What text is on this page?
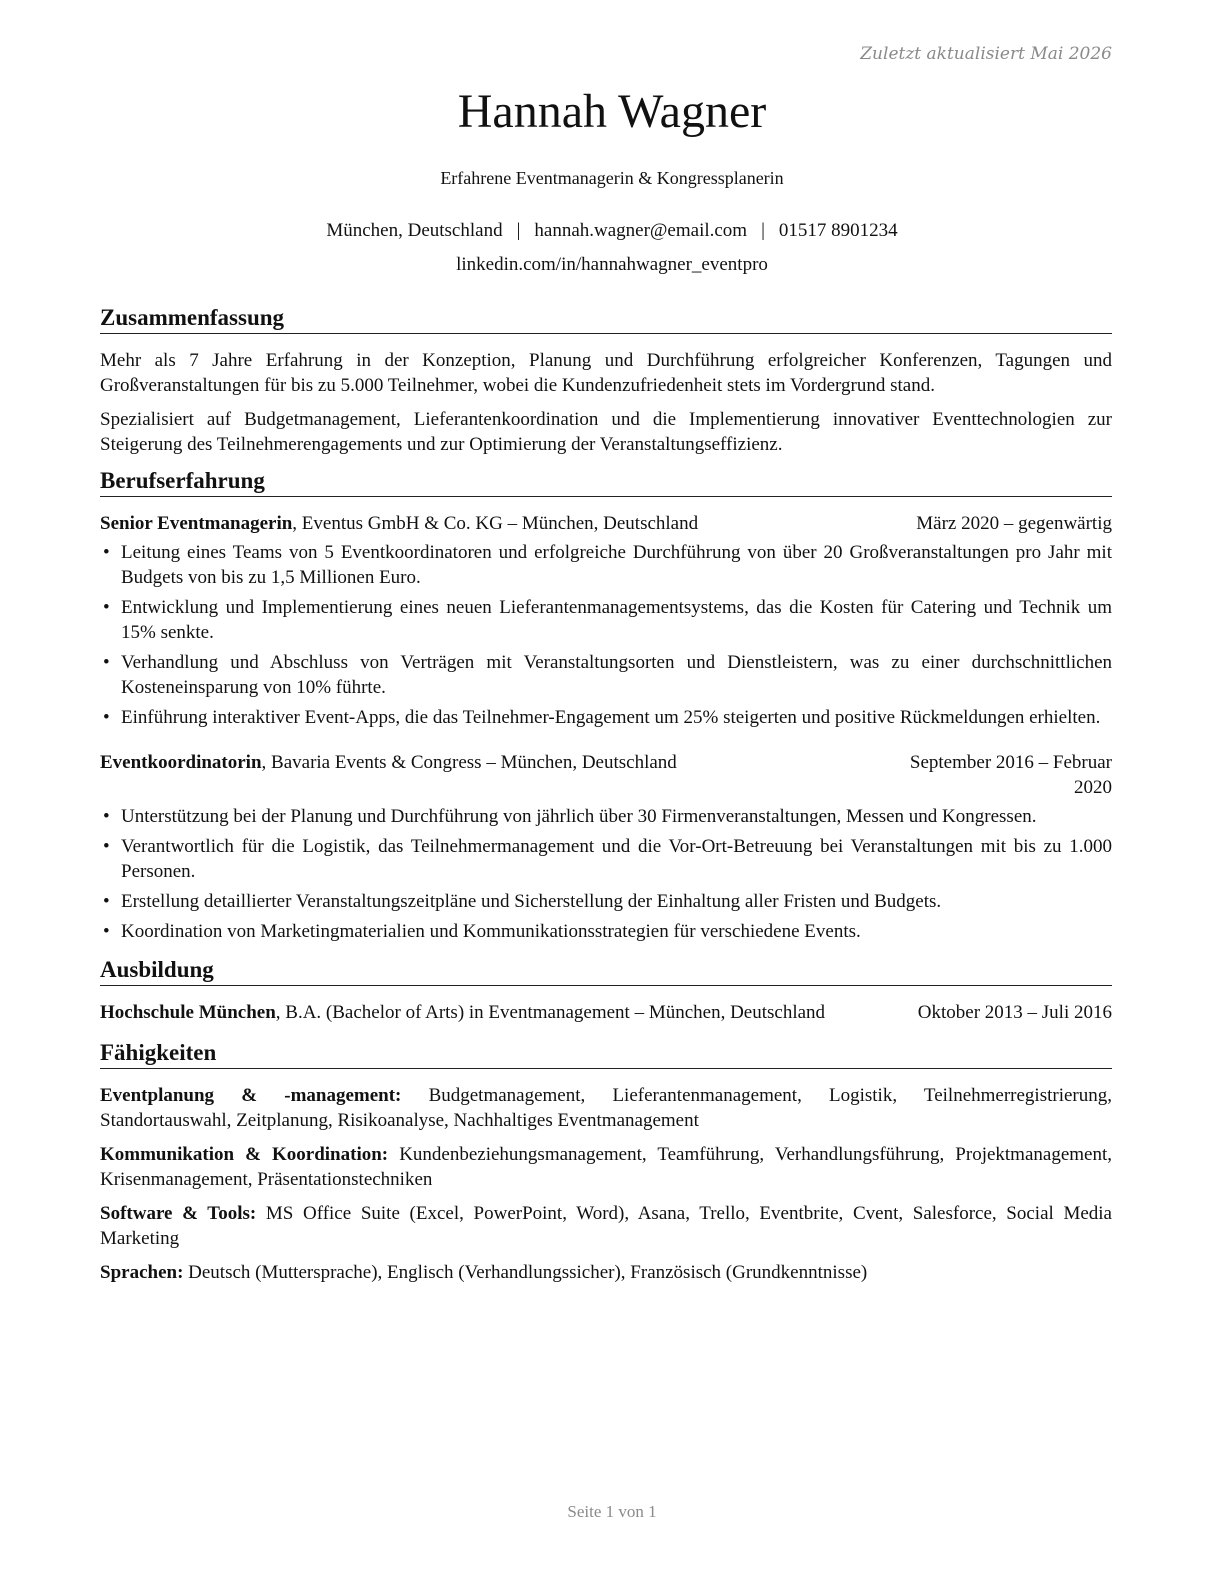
Zuletzt aktualisiert Mai 2026
Hannah Wagner
Erfahrene Eventmanagerin & Kongressplanerin
München, Deutschland | hannah.wagner@email.com | 01517 8901234
linkedin.com/in/hannahwagner_eventpro
Zusammenfassung

Mehr als 7 Jahre Erfahrung in der Konzeption, Planung und Durchführung erfolgreicher Konferenzen, Tagungen und Großveranstaltungen für bis zu 5.000 Teilnehmer, wobei die Kundenzufriedenheit stets im Vordergrund stand.

Spezialisiert auf Budgetmanagement, Lieferantenkoordination und die Implementierung innovativer Eventtechnologien zur Steigerung des Teilnehmerengagements und zur Optimierung der Veranstaltungseffizienz.

Berufserfahrung
Senior Eventmanagerin, Eventus GmbH & Co. KG – München, Deutschland	März 2020 – gegenwärtig
• Leitung eines Teams von 5 Eventkoordinatoren und erfolgreiche Durchführung von über 20 Großveranstaltungen pro Jahr mit Budgets von bis zu 1,5 Millionen Euro.
• Entwicklung und Implementierung eines neuen Lieferantenmanagementsystems, das die Kosten für Catering und Technik um 15% senkte.
• Verhandlung und Abschluss von Verträgen mit Veranstaltungsorten und Dienstleistern, was zu einer durchschnittlichen Kosteneinsparung von 10% führte.
• Einführung interaktiver Event-Apps, die das Teilnehmer-Engagement um 25% steigerten und positive Rückmeldungen erhielten.
Eventkoordinatorin, Bavaria Events & Congress – München, Deutschland	September 2016 – Februar 2020
• Unterstützung bei der Planung und Durchführung von jährlich über 30 Firmenveranstaltungen, Messen und Kongressen.
• Verantwortlich für die Logistik, das Teilnehmermanagement und die Vor-Ort-Betreuung bei Veranstaltungen mit bis zu 1.000 Personen.
• Erstellung detaillierter Veranstaltungszeitpläne und Sicherstellung der Einhaltung aller Fristen und Budgets.
• Koordination von Marketingmaterialien und Kommunikationsstrategien für verschiedene Events.
Ausbildung
Hochschule München, B.A. (Bachelor of Arts) in Eventmanagement – München, Deutschland	Oktober 2013 – Juli 2016
Fähigkeiten

Eventplanung & -management: Budgetmanagement, Lieferantenmanagement, Logistik, Teilnehmerregistrierung, Standortauswahl, Zeitplanung, Risikoanalyse, Nachhaltiges Eventmanagement

Kommunikation & Koordination: Kundenbeziehungsmanagement, Teamführung, Verhandlungsführung, Projektmanagement, Krisenmanagement, Präsentationstechniken

Software & Tools: MS Office Suite (Excel, PowerPoint, Word), Asana, Trello, Eventbrite, Cvent, Salesforce, Social Media Marketing

Sprachen: Deutsch (Muttersprache), Englisch (Verhandlungssicher), Französisch (Grundkenntnisse)

Seite 1 von 1
